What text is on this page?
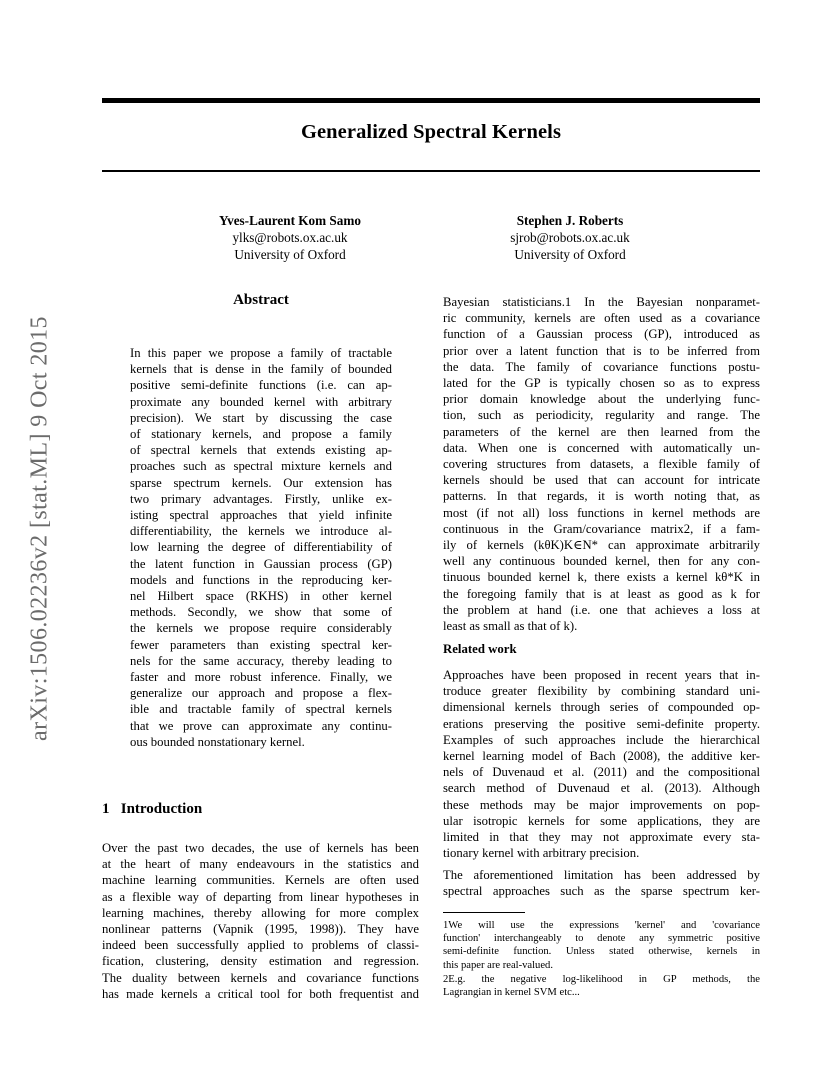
Generalized Spectral Kernels
arXiv:1506.02236v2 [stat.ML] 9 Oct 2015
Yves-Laurent Kom Samo
ylks@robots.ox.ac.uk
University of Oxford
Stephen J. Roberts
sjrob@robots.ox.ac.uk
University of Oxford
Abstract
In this paper we propose a family of tractable
kernels that is dense in the family of bounded
positive semi-definite functions (i.e. can ap-
proximate any bounded kernel with arbitrary
precision). We start by discussing the case
of stationary kernels, and propose a family
of spectral kernels that extends existing ap-
proaches such as spectral mixture kernels and
sparse spectrum kernels. Our extension has
two primary advantages. Firstly, unlike ex-
isting spectral approaches that yield infinite
differentiability, the kernels we introduce al-
low learning the degree of differentiability of
the latent function in Gaussian process (GP)
models and functions in the reproducing ker-
nel Hilbert space (RKHS) in other kernel
methods. Secondly, we show that some of
the kernels we propose require considerably
fewer parameters than existing spectral ker-
nels for the same accuracy, thereby leading to
faster and more robust inference. Finally, we
generalize our approach and propose a flex-
ible and tractable family of spectral kernels
that we prove can approximate any continu-
ous bounded nonstationary kernel.
1 Introduction
Over the past two decades, the use of kernels has been
at the heart of many endeavours in the statistics and
machine learning communities. Kernels are often used
as a flexible way of departing from linear hypotheses in
learning machines, thereby allowing for more complex
nonlinear patterns (Vapnik (1995, 1998)). They have
indeed been successfully applied to problems of classi-
fication, clustering, density estimation and regression.
The duality between kernels and covariance functions
has made kernels a critical tool for both frequentist and
Bayesian statisticians.1 In the Bayesian nonparamet-
ric community, kernels are often used as a covariance
function of a Gaussian process (GP), introduced as
prior over a latent function that is to be inferred from
the data. The family of covariance functions postu-
lated for the GP is typically chosen so as to express
prior domain knowledge about the underlying func-
tion, such as periodicity, regularity and range. The
parameters of the kernel are then learned from the
data. When one is concerned with automatically un-
covering structures from datasets, a flexible family of
kernels should be used that can account for intricate
patterns. In that regards, it is worth noting that, as
most (if not all) loss functions in kernel methods are
continuous in the Gram/covariance matrix2, if a fam-
ily of kernels (kθK)K∈N* can approximate arbitrarily
well any continuous bounded kernel, then for any con-
tinuous bounded kernel k, there exists a kernel kθ*K in
the foregoing family that is at least as good as k for
the problem at hand (i.e. one that achieves a loss at
least as small as that of k).
Related work
Approaches have been proposed in recent years that in-
troduce greater flexibility by combining standard uni-
dimensional kernels through series of compounded op-
erations preserving the positive semi-definite property.
Examples of such approaches include the hierarchical
kernel learning model of Bach (2008), the additive ker-
nels of Duvenaud et al. (2011) and the compositional
search method of Duvenaud et al. (2013). Although
these methods may be major improvements on pop-
ular isotropic kernels for some applications, they are
limited in that they may not approximate every sta-
tionary kernel with arbitrary precision.
The aforementioned limitation has been addressed by
spectral approaches such as the sparse spectrum ker-
1We will use the expressions 'kernel' and 'covariance
function' interchangeably to denote any symmetric positive
semi-definite function. Unless stated otherwise, kernels in
this paper are real-valued.
2E.g. the negative log-likelihood in GP methods, the
Lagrangian in kernel SVM etc...
